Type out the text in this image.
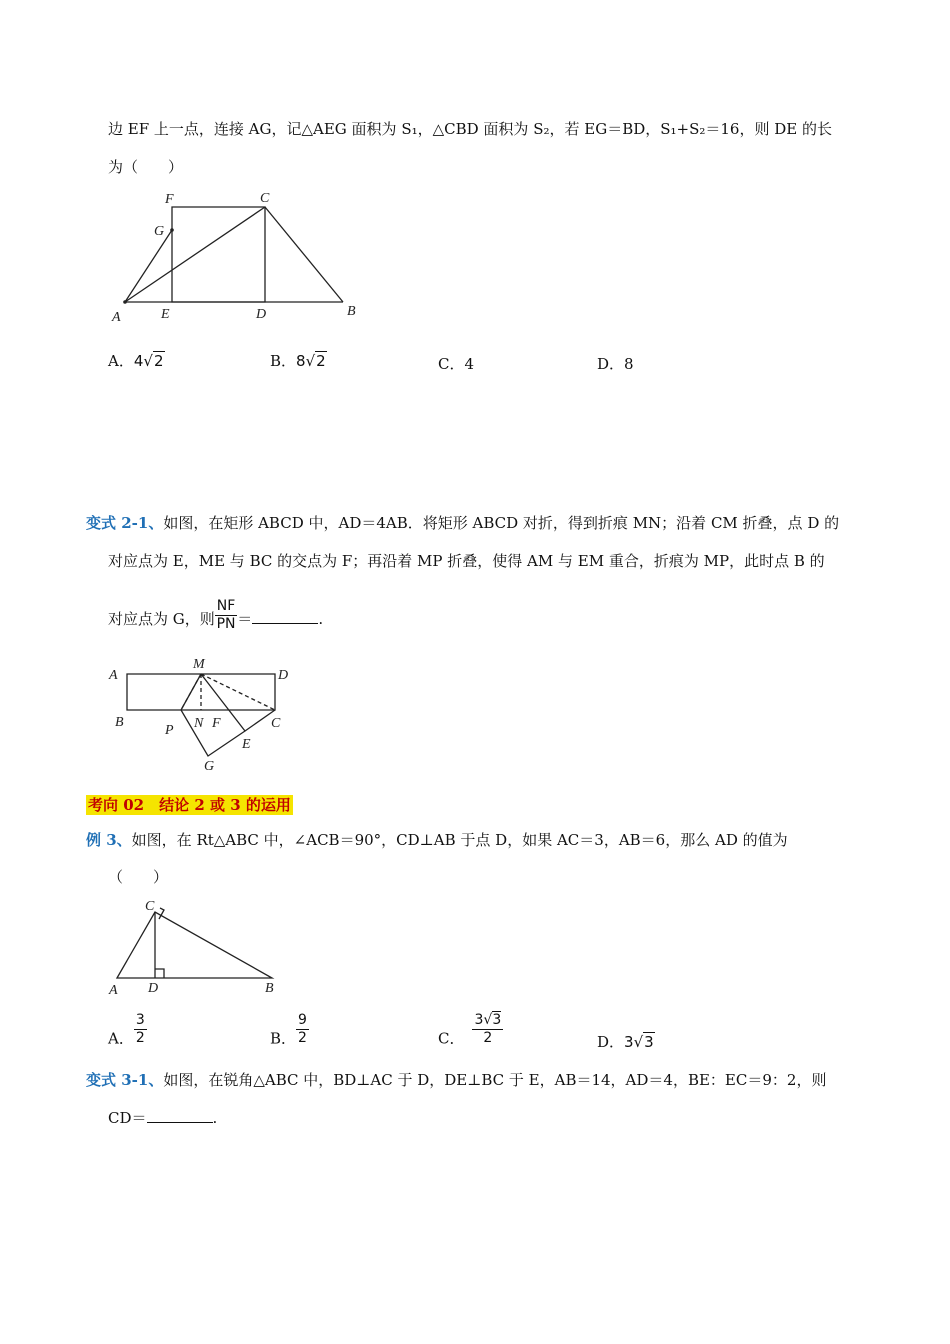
边 EF 上一点，连接 AG，记△AEG 面积为 S₁，△CBD 面积为 S₂，若 EG＝BD，S₁+S₂＝16，则 DE 的长
为（　　）
F	C
G
A	E	D	B
A．4√2	B．8√2	C．4	D．8
变式 2-1、如图，在矩形 ABCD 中，AD＝4AB．将矩形 ABCD 对折，得到折痕 MN；沿着 CM 折叠，点 D 的
对应点为 E，ME 与 BC 的交点为 F；再沿着 MP 折叠，使得 AM 与 EM 重合，折痕为 MP，此时点 B 的
对应点为 G，则 $\frac{NF}{PN}$ ＝	.
A
M
D
B
P N F	C
E
G
考向 02　结论 2 或 3 的运用
例 3、如图，在 Rt△ABC 中，∠ACB＝90°，CD⊥AB 于点 D，如果 AC＝3，AB＝6，那么 AD 的值为
（　　）
C
A D	B
A． $\frac{3}{2}$	B． $\frac{9}{2}$	C． $\frac{3√3}{2}$	D．3√3
变式 3-1、如图，在锐角△ABC 中，BD⊥AC 于 D，DE⊥BC 于 E，AB＝14，AD＝4，BE：EC＝9：2，则
CD＝	.
